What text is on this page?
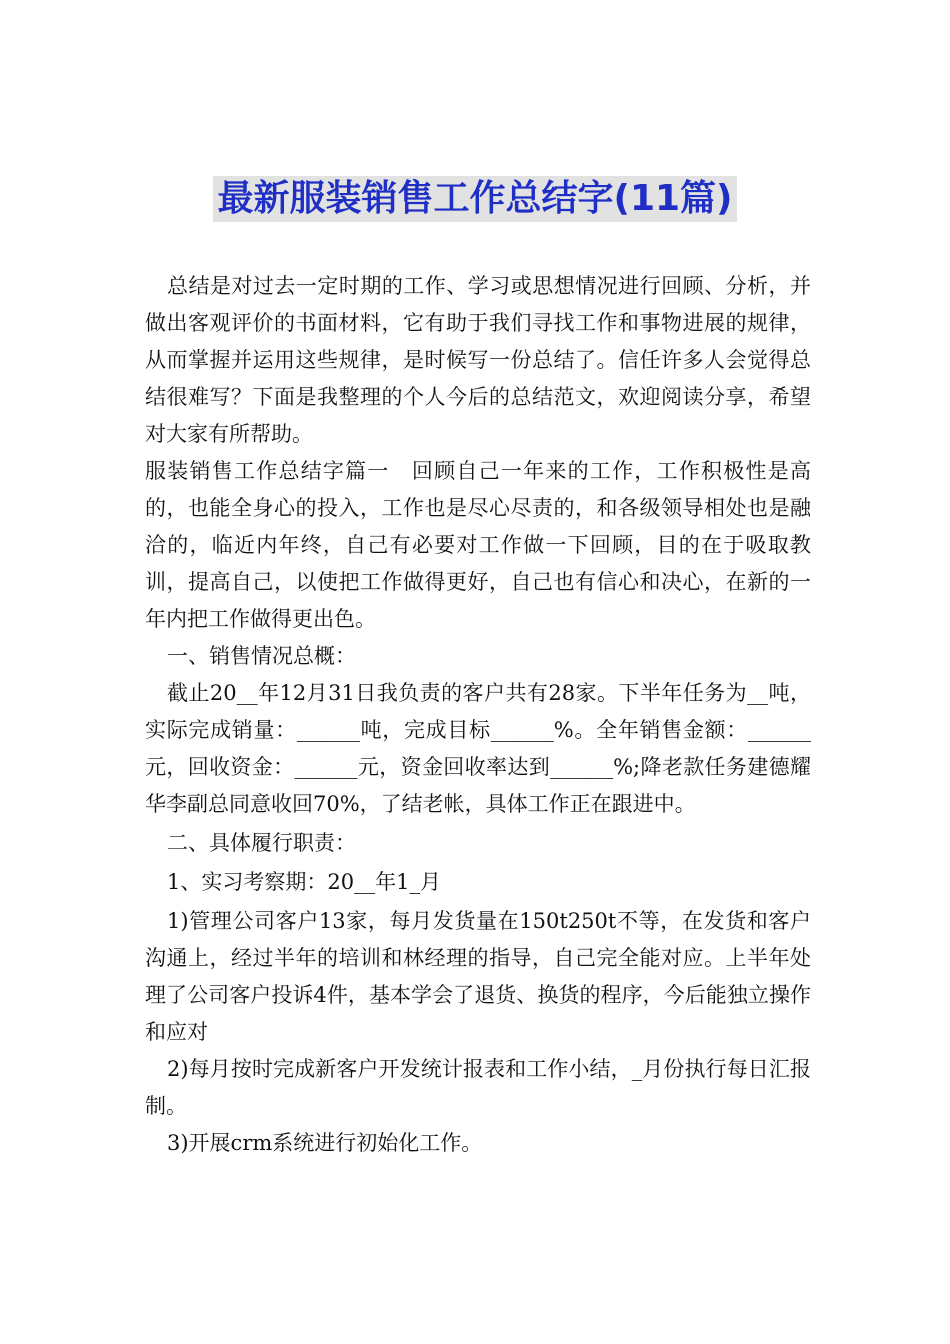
最新服装销售工作总结字(11篇)

总结是对过去一定时期的工作、学习或思想情况进行回顾、分析，并做出客观评价的书面材料，它有助于我们寻找工作和事物进展的规律，从而掌握并运用这些规律，是时候写一份总结了。信任许多人会觉得总结很难写？下面是我整理的个人今后的总结范文，欢迎阅读分享，希望对大家有所帮助。

服装销售工作总结字篇一　回顾自己一年来的工作，工作积极性是高的，也能全身心的投入，工作也是尽心尽责的，和各级领导相处也是融洽的，临近内年终，自己有必要对工作做一下回顾，目的在于吸取教训，提高自己，以使把工作做得更好，自己也有信心和决心，在新的一年内把工作做得更出色。

一、销售情况总概：

截止20__年12月31日我负责的客户共有28家。下半年任务为__吨，实际完成销量：______吨，完成目标______%。全年销售金额：______元，回收资金：______元，资金回收率达到______%;降老款任务建德耀华李副总同意收回70%，了结老帐，具体工作正在跟进中。

二、具体履行职责：

1、实习考察期：20__年1_月

1)管理公司客户13家，每月发货量在150t250t不等，在发货和客户沟通上，经过半年的培训和林经理的指导，自己完全能对应。上半年处理了公司客户投诉4件，基本学会了退货、换货的程序，今后能独立操作和应对

2)每月按时完成新客户开发统计报表和工作小结，_月份执行每日汇报制。

3)开展crm系统进行初始化工作。
